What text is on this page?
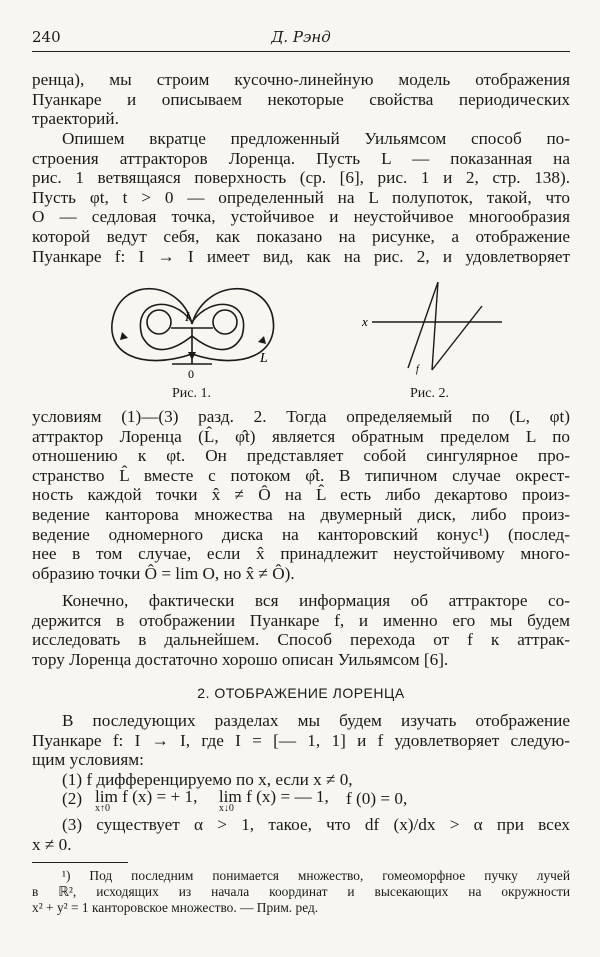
240	Д. Рэнд
ренца), мы строим кусочно-линейную модель отображения
Пуанкаре и описываем некоторые свойства периодических
траекторий.
Опишем вкратце предложенный Уильямсом способ по-
строения аттракторов Лоренца. Пусть L — показанная на
рис. 1 ветвящаяся поверхность (ср. [6], рис. 1 и 2, стр. 138).
Пусть φt, t > 0 — определенный на L полупоток, такой, что
O — седловая точка, устойчивое и неустойчивое многообразия
которой ведут себя, как показано на рисунке, а отображение
Пуанкаре f: I → I имеет вид, как на рис. 2, и удовлетворяет
I
0
L
x
f
Рис. 1.	Рис. 2.
условиям (1)—(3) разд. 2. Тогда определяемый по (L, φt)
аттрактор Лоренца (L̂, φ̂t) является обратным пределом L по
отношению к φt. Он представляет собой сингулярное про-
странство L̂ вместе с потоком φ̂t. В типичном случае окрест-
ность каждой точки x̂ ≠ Ô на L̂ есть либо декартово произ-
ведение канторова множества на двумерный диск, либо произ-
ведение одномерного диска на канторовский конус¹) (послед-
нее в том случае, если x̂ принадлежит неустойчивому много-
образию точки Ô = lim O, но x̂ ≠ Ô).
Конечно, фактически вся информация об аттракторе со-
держится в отображении Пуанкаре f, и именно его мы будем
исследовать в дальнейшем. Способ перехода от f к аттрак-
тору Лоренца достаточно хорошо описан Уильямсом [6].
2. ОТОБРАЖЕНИЕ ЛОРЕНЦА
В последующих разделах мы будем изучать отображение
Пуанкаре f: I → I, где I = [— 1, 1] и f удовлетворяет следую-
щим условиям:
(1) f дифференцируемо по x, если x ≠ 0,
(2) lim f (x) = + 1,
x↑0
lim f (x) = — 1,
x↓0
f (0) = 0,
(3) существует α > 1, такое, что df (x)/dx > α при всех
x ≠ 0.
¹) Под последним понимается множество, гомеоморфное пучку лучей
в ℝ², исходящих из начала координат и высекающих на окружности
x² + y² = 1 канторовское множество. — Прим. ред.
